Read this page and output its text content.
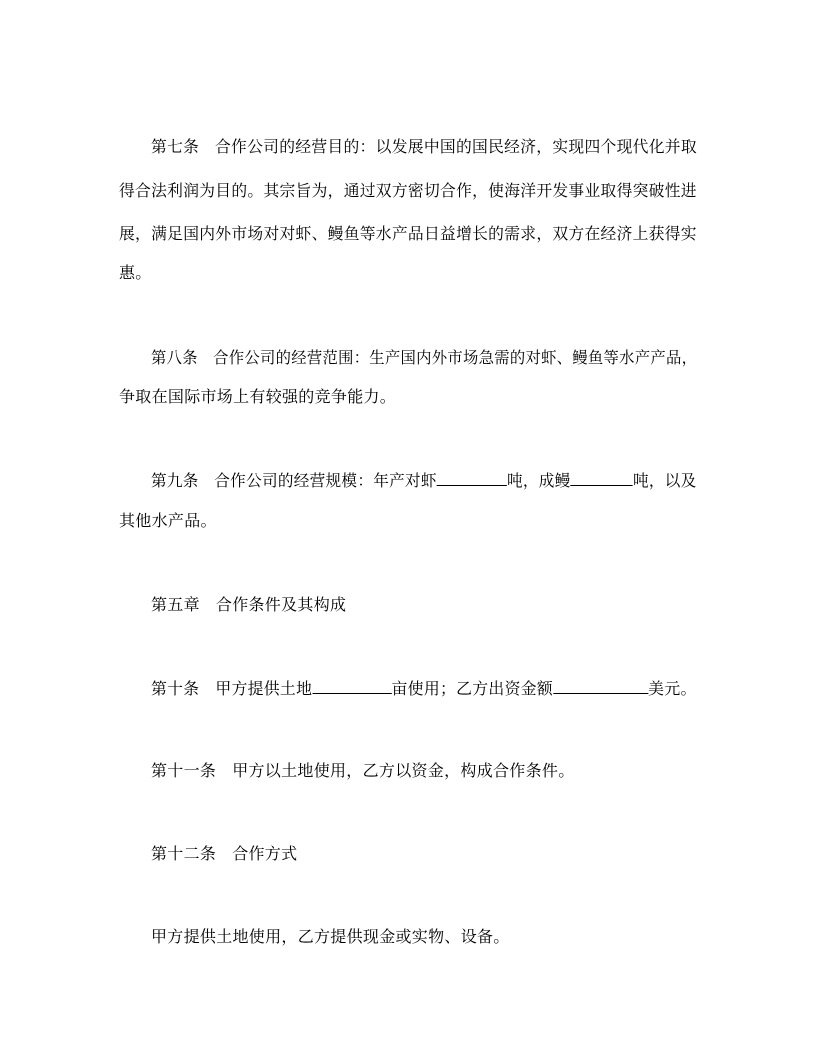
第七条 合作公司的经营目的：以发展中国的国民经济，实现四个现代化并取
得合法利润为目的。其宗旨为，通过双方密切合作，使海洋开发事业取得突破性进
展，满足国内外市场对对虾、鳗鱼等水产品日益增长的需求，双方在经济上获得实
惠。
第八条 合作公司的经营范围：生产国内外市场急需的对虾、鳗鱼等水产产品，
争取在国际市场上有较强的竞争能力。
第九条 合作公司的经营规模：年产对虾	吨，成鳗	吨，以及
其他水产品。
第五章 合作条件及其构成
第十条 甲方提供土地	亩使用；乙方出资金额	美元。
第十一条 甲方以土地使用，乙方以资金，构成合作条件。
第十二条 合作方式
甲方提供土地使用，乙方提供现金或实物、设备。
